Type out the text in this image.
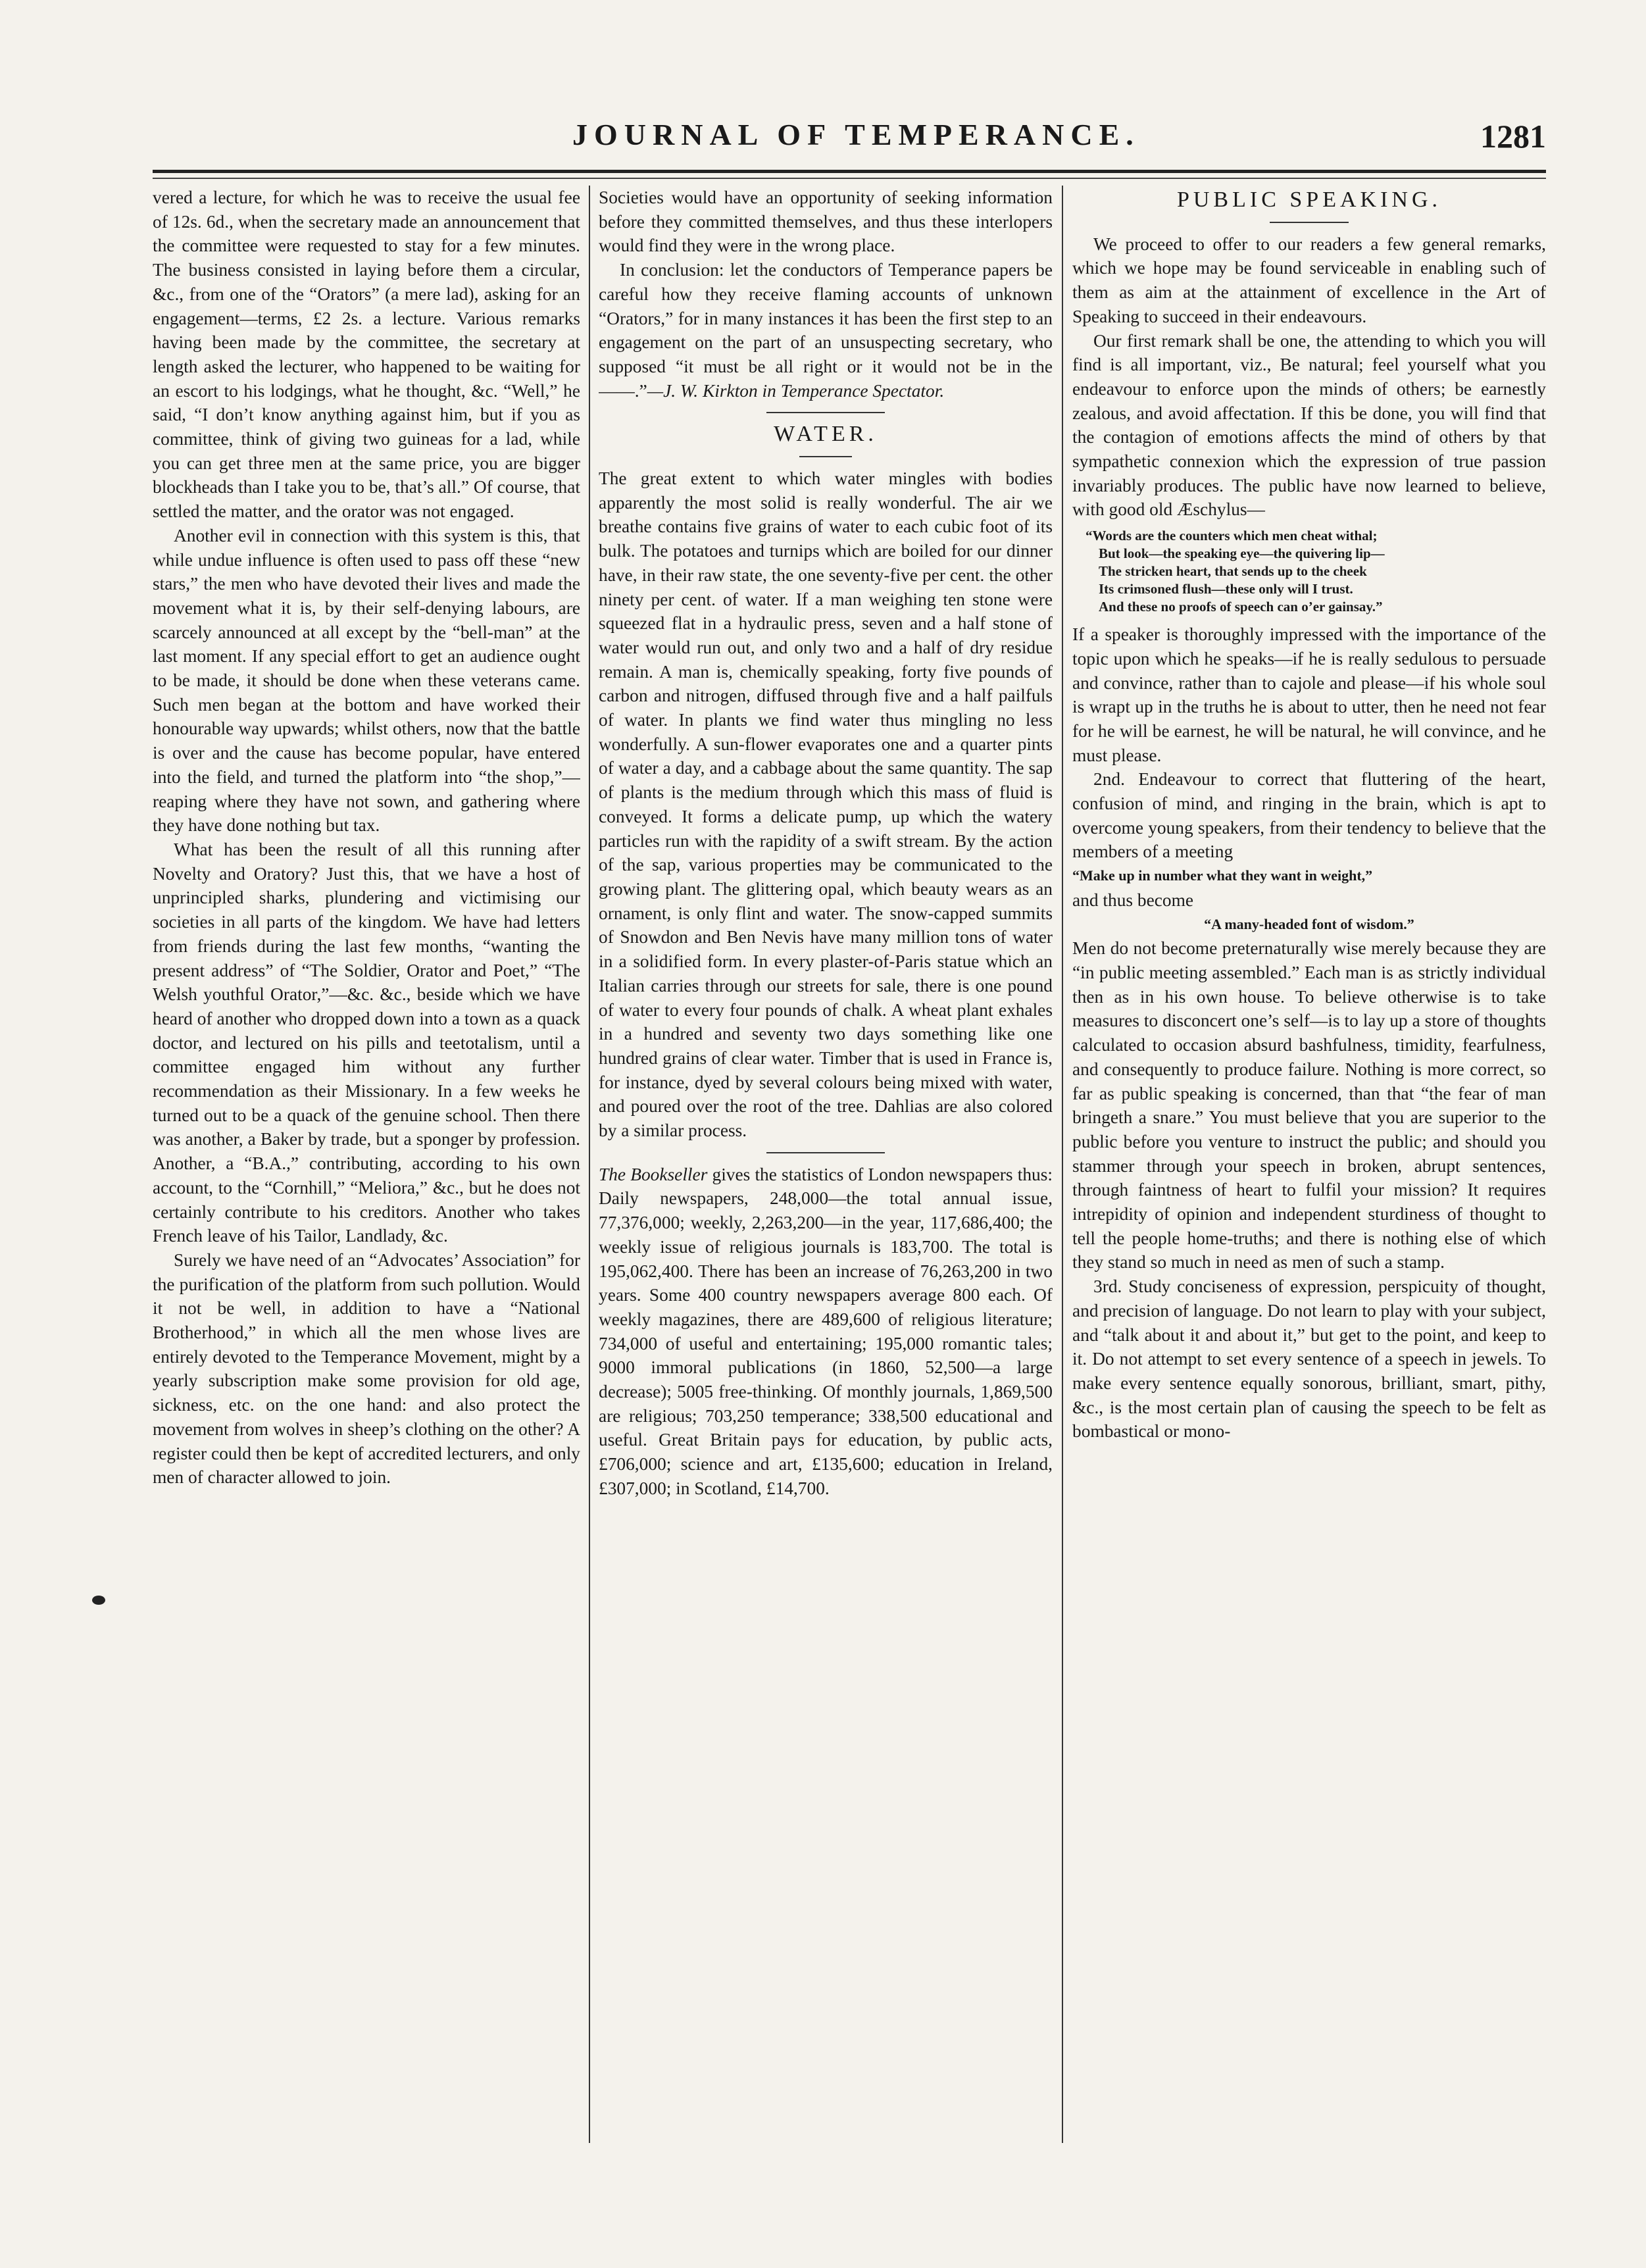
JOURNAL OF TEMPERANCE.	1281

vered a lecture, for which he was to receive the usual fee of 12s. 6d., when the secretary made an announcement that the committee were requested to stay for a few minutes. The business consisted in laying before them a circular, &c., from one of the “Orators” (a mere lad), asking for an engagement—terms, £2 2s. a lecture. Various remarks having been made by the committee, the secretary at length asked the lecturer, who happened to be waiting for an escort to his lodgings, what he thought, &c. “Well,” he said, “I don’t know anything against him, but if you as committee, think of giving two guineas for a lad, while you can get three men at the same price, you are bigger blockheads than I take you to be, that’s all.” Of course, that settled the matter, and the orator was not engaged.

Another evil in connection with this system is this, that while undue influence is often used to pass off these “new stars,” the men who have devoted their lives and made the movement what it is, by their self-denying labours, are scarcely announced at all except by the “bell-man” at the last moment. If any special effort to get an audience ought to be made, it should be done when these veterans came. Such men began at the bottom and have worked their honourable way upwards; whilst others, now that the battle is over and the cause has become popular, have entered into the field, and turned the platform into “the shop,”—reaping where they have not sown, and gathering where they have done nothing but tax.

What has been the result of all this running after Novelty and Oratory? Just this, that we have a host of unprincipled sharks, plundering and victimising our societies in all parts of the kingdom. We have had letters from friends during the last few months, “wanting the present address” of “The Soldier, Orator and Poet,” “The Welsh youthful Orator,”—&c. &c., beside which we have heard of another who dropped down into a town as a quack doctor, and lectured on his pills and teetotalism, until a committee engaged him without any further recommendation as their Missionary. In a few weeks he turned out to be a quack of the genuine school. Then there was another, a Baker by trade, but a sponger by profession. Another, a “B.A.,” contributing, according to his own account, to the “Cornhill,” “Meliora,” &c., but he does not certainly contribute to his creditors. Another who takes French leave of his Tailor, Landlady, &c.

Surely we have need of an “Advocates’ Association” for the purification of the platform from such pollution. Would it not be well, in addition to have a “National Brotherhood,” in which all the men whose lives are entirely devoted to the Temperance Movement, might by a yearly subscription make some provision for old age, sickness, etc. on the one hand: and also protect the movement from wolves in sheep’s clothing on the other? A register could then be kept of accredited lecturers, and only men of character allowed to join.

Societies would have an opportunity of seeking information before they committed themselves, and thus these interlopers would find they were in the wrong place.

In conclusion: let the conductors of Temperance papers be careful how they receive flaming accounts of unknown “Orators,” for in many instances it has been the first step to an engagement on the part of an unsuspecting secretary, who supposed “it must be all right or it would not be in the ——.”—J. W. Kirkton in Temperance Spectator.

WATER.

The great extent to which water mingles with bodies apparently the most solid is really wonderful. The air we breathe contains five grains of water to each cubic foot of its bulk. The potatoes and turnips which are boiled for our dinner have, in their raw state, the one seventy-five per cent. the other ninety per cent. of water. If a man weighing ten stone were squeezed flat in a hydraulic press, seven and a half stone of water would run out, and only two and a half of dry residue remain. A man is, chemically speaking, forty five pounds of carbon and nitrogen, diffused through five and a half pailfuls of water. In plants we find water thus mingling no less wonderfully. A sun-flower evaporates one and a quarter pints of water a day, and a cabbage about the same quantity. The sap of plants is the medium through which this mass of fluid is conveyed. It forms a delicate pump, up which the watery particles run with the rapidity of a swift stream. By the action of the sap, various properties may be communicated to the growing plant. The glittering opal, which beauty wears as an ornament, is only flint and water. The snow-capped summits of Snowdon and Ben Nevis have many million tons of water in a solidified form. In every plaster-of-Paris statue which an Italian carries through our streets for sale, there is one pound of water to every four pounds of chalk. A wheat plant exhales in a hundred and seventy two days something like one hundred grains of clear water. Timber that is used in France is, for instance, dyed by several colours being mixed with water, and poured over the root of the tree. Dahlias are also colored by a similar process.

The Bookseller gives the statistics of London newspapers thus: Daily newspapers, 248,000—the total annual issue, 77,376,000; weekly, 2,263,200—in the year, 117,686,400; the weekly issue of religious journals is 183,700. The total is 195,062,400. There has been an increase of 76,263,200 in two years. Some 400 country newspapers average 800 each. Of weekly magazines, there are 489,600 of religious literature; 734,000 of useful and entertaining; 195,000 romantic tales; 9000 immoral publications (in 1860, 52,500—a large decrease); 5005 free-thinking. Of monthly journals, 1,869,500 are religious; 703,250 temperance; 338,500 educational and useful. Great Britain pays for education, by public acts, £706,000; science and art, £135,600; education in Ireland, £307,000; in Scotland, £14,700.

PUBLIC SPEAKING.

We proceed to offer to our readers a few general remarks, which we hope may be found serviceable in enabling such of them as aim at the attainment of excellence in the Art of Speaking to succeed in their endeavours.

Our first remark shall be one, the attending to which you will find is all important, viz., Be natural; feel yourself what you endeavour to enforce upon the minds of others; be earnestly zealous, and avoid affectation. If this be done, you will find that the contagion of emotions affects the mind of others by that sympathetic connexion which the expression of true passion invariably produces. The public have now learned to believe, with good old Æschylus—

“Words are the counters which men cheat withal;
But look—the speaking eye—the quivering lip—
The stricken heart, that sends up to the cheek
Its crimsoned flush—these only will I trust.
And these no proofs of speech can o’er gainsay.”

If a speaker is thoroughly impressed with the importance of the topic upon which he speaks—if he is really sedulous to persuade and convince, rather than to cajole and please—if his whole soul is wrapt up in the truths he is about to utter, then he need not fear for he will be earnest, he will be natural, he will convince, and he must please.

2nd. Endeavour to correct that fluttering of the heart, confusion of mind, and ringing in the brain, which is apt to overcome young speakers, from their tendency to believe that the members of a meeting

“Make up in number what they want in weight,”

and thus become

“A many-headed font of wisdom.”

Men do not become preternaturally wise merely because they are “in public meeting assembled.” Each man is as strictly individual then as in his own house. To believe otherwise is to take measures to disconcert one’s self—is to lay up a store of thoughts calculated to occasion absurd bashfulness, timidity, fearfulness, and consequently to produce failure. Nothing is more correct, so far as public speaking is concerned, than that “the fear of man bringeth a snare.” You must believe that you are superior to the public before you venture to instruct the public; and should you stammer through your speech in broken, abrupt sentences, through faintness of heart to fulfil your mission? It requires intrepidity of opinion and independent sturdiness of thought to tell the people home-truths; and there is nothing else of which they stand so much in need as men of such a stamp.

3rd. Study conciseness of expression, perspicuity of thought, and precision of language. Do not learn to play with your subject, and “talk about it and about it,” but get to the point, and keep to it. Do not attempt to set every sentence of a speech in jewels. To make every sentence equally sonorous, brilliant, smart, pithy, &c., is the most certain plan of causing the speech to be felt as bombastical or mono-
